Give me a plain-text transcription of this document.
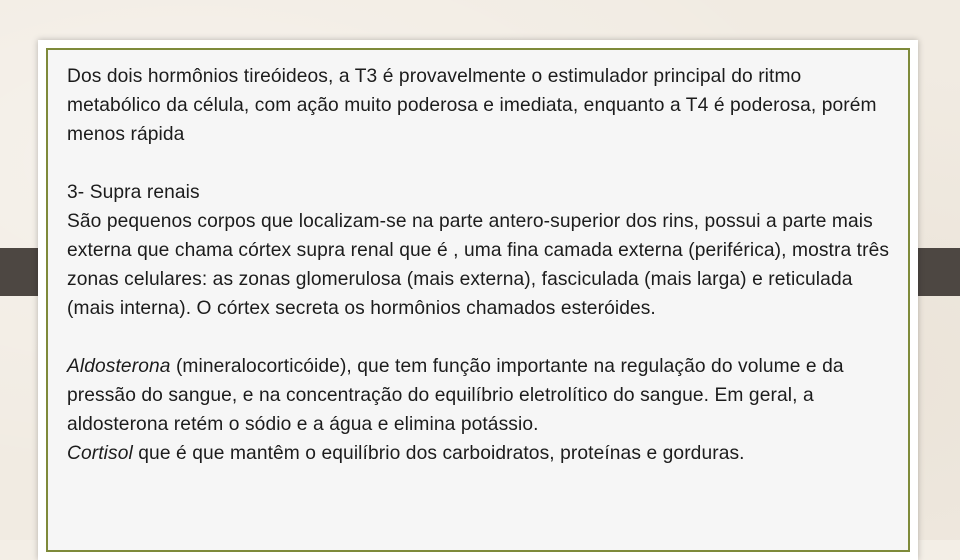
Dos dois hormônios tireóideos, a T3 é provavelmente o estimulador principal do ritmo metabólico da célula, com ação muito poderosa e imediata, enquanto a T4 é poderosa, porém menos rápida

3- Supra renais

São pequenos corpos que localizam-se na parte antero-superior dos rins, possui a parte mais externa que chama córtex supra renal que é , uma fina camada externa (periférica), mostra três zonas celulares: as zonas glomerulosa (mais externa), fasciculada (mais larga) e reticulada (mais interna). O córtex secreta os hormônios chamados esteróides.

Aldosterona (mineralocorticóide), que tem função importante na regulação do volume e da pressão do sangue, e na concentração do equilíbrio eletrolítico do sangue. Em geral, a aldosterona retém o sódio e a água e elimina potássio.

Cortisol que é que mantêm o equilíbrio dos carboidratos, proteínas e gorduras.
